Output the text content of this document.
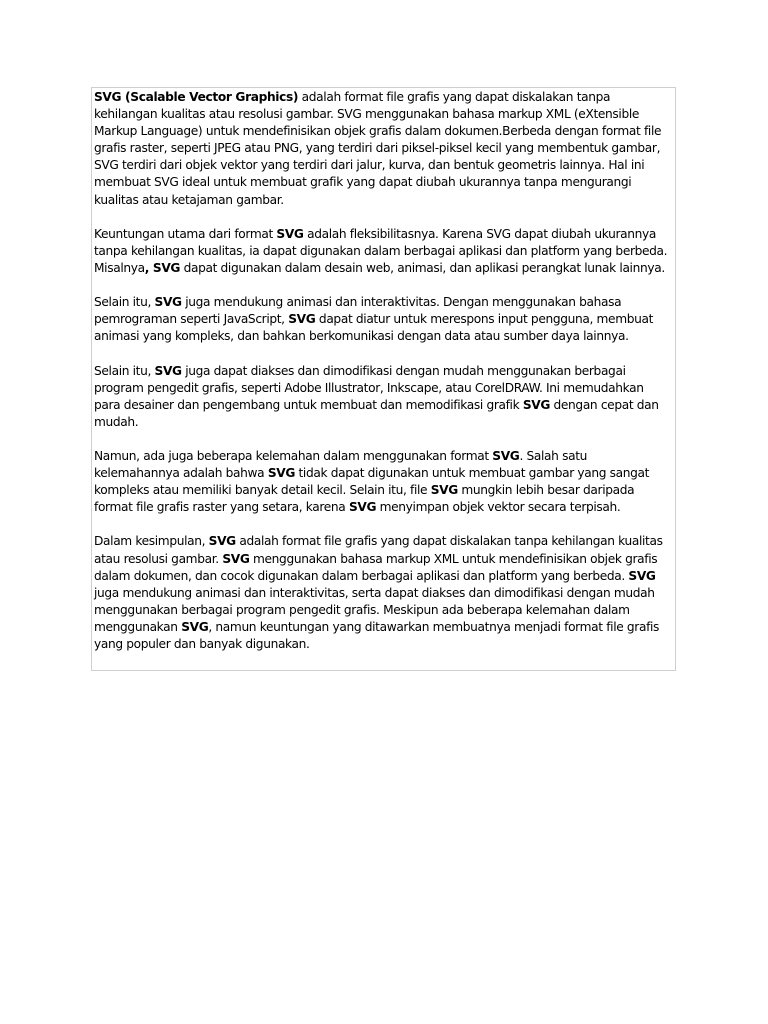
SVG (Scalable Vector Graphics) adalah format file grafis yang dapat diskalakan tanpa kehilangan kualitas atau resolusi gambar. SVG menggunakan bahasa markup XML (eXtensible Markup Language) untuk mendefinisikan objek grafis dalam dokumen.Berbeda dengan format file grafis raster, seperti JPEG atau PNG, yang terdiri dari piksel-piksel kecil yang membentuk gambar, SVG terdiri dari objek vektor yang terdiri dari jalur, kurva, dan bentuk geometris lainnya. Hal ini membuat SVG ideal untuk membuat grafik yang dapat diubah ukurannya tanpa mengurangi kualitas atau ketajaman gambar.

Keuntungan utama dari format SVG adalah fleksibilitasnya. Karena SVG dapat diubah ukurannya tanpa kehilangan kualitas, ia dapat digunakan dalam berbagai aplikasi dan platform yang berbeda. Misalnya, SVG dapat digunakan dalam desain web, animasi, dan aplikasi perangkat lunak lainnya.

Selain itu, SVG juga mendukung animasi dan interaktivitas. Dengan menggunakan bahasa pemrograman seperti JavaScript, SVG dapat diatur untuk merespons input pengguna, membuat animasi yang kompleks, dan bahkan berkomunikasi dengan data atau sumber daya lainnya.

Selain itu, SVG juga dapat diakses dan dimodifikasi dengan mudah menggunakan berbagai program pengedit grafis, seperti Adobe Illustrator, Inkscape, atau CorelDRAW. Ini memudahkan para desainer dan pengembang untuk membuat dan memodifikasi grafik SVG dengan cepat dan mudah.

Namun, ada juga beberapa kelemahan dalam menggunakan format SVG. Salah satu kelemahannya adalah bahwa SVG tidak dapat digunakan untuk membuat gambar yang sangat kompleks atau memiliki banyak detail kecil. Selain itu, file SVG mungkin lebih besar daripada format file grafis raster yang setara, karena SVG menyimpan objek vektor secara terpisah.

Dalam kesimpulan, SVG adalah format file grafis yang dapat diskalakan tanpa kehilangan kualitas atau resolusi gambar. SVG menggunakan bahasa markup XML untuk mendefinisikan objek grafis dalam dokumen, dan cocok digunakan dalam berbagai aplikasi dan platform yang berbeda. SVG juga mendukung animasi dan interaktivitas, serta dapat diakses dan dimodifikasi dengan mudah menggunakan berbagai program pengedit grafis. Meskipun ada beberapa kelemahan dalam menggunakan SVG, namun keuntungan yang ditawarkan membuatnya menjadi format file grafis yang populer dan banyak digunakan.
